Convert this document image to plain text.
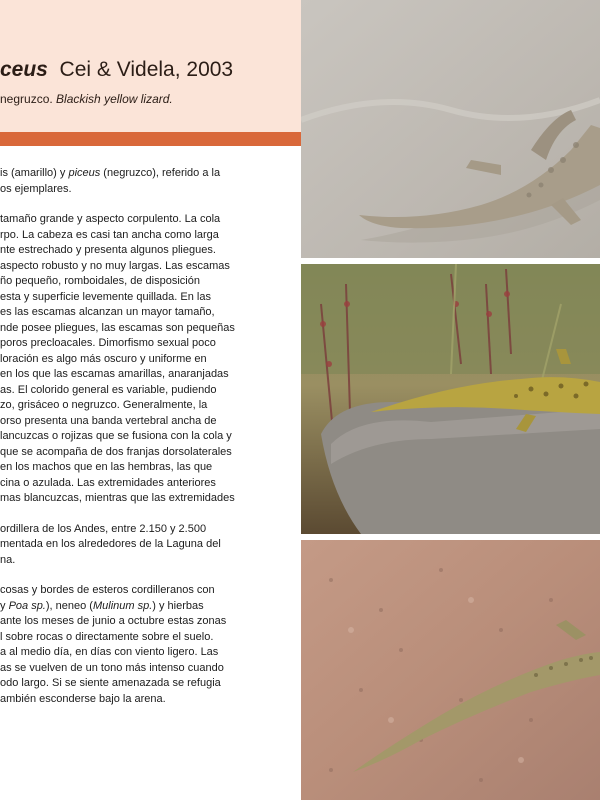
ceus Cei & Videla, 2003
negruzco. Blackish yellow lizard.

is (amarillo) y piceus (negruzco), referido a la
os ejemplares.

tamaño grande y aspecto corpulento. La cola
rpo. La cabeza es casi tan ancha como larga
nte estrechado y presenta algunos pliegues.
aspecto robusto y no muy largas. Las escamas
ño pequeño, romboidales, de disposición
esta y superficie levemente quillada. En las
es las escamas alcanzan un mayor tamaño,
nde posee pliegues, las escamas son pequeñas
poros precloacales. Dimorfismo sexual poco
loración es algo más oscuro y uniforme en
en los que las escamas amarillas, anaranjadas
as. El colorido general es variable, pudiendo
zo, grisáceo o negruzco. Generalmente, la
orso presenta una banda vertebral ancha de
lancuzcas o rojizas que se fusiona con la cola y
que se acompaña de dos franjas dorsolaterales
en los machos que en las hembras, las que
cina o azulada. Las extremidades anteriores
mas blancuzcas, mientras que las extremidades

ordillera de los Andes, entre 2.150 y 2.500
mentada en los alrededores de la Laguna del
na.

cosas y bordes de esteros cordilleranos con
y Poa sp.), neneo (Mulinum sp.) y hierbas
ante los meses de junio a octubre estas zonas
l sobre rocas o directamente sobre el suelo.
a al medio día, en días con viento ligero. Las
as se vuelven de un tono más intenso cuando
odo largo. Si se siente amenazada se refugia
ambién esconderse bajo la arena.
